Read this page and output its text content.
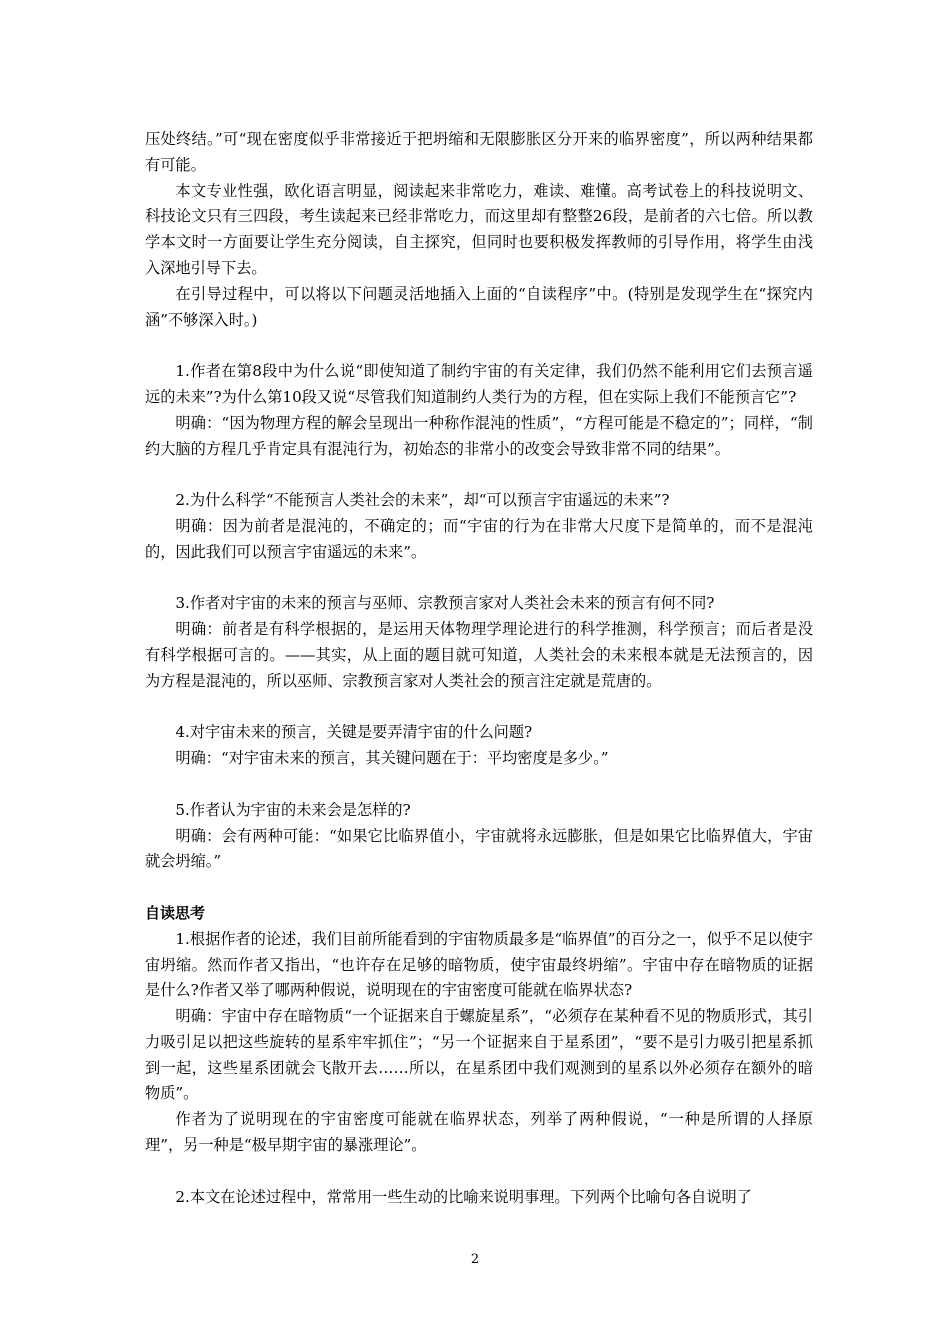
压处终结。”可“现在密度似乎非常接近于把坍缩和无限膨胀区分开来的临界密度”，所以两种结果都有可能。

本文专业性强，欧化语言明显，阅读起来非常吃力，难读、难懂。高考试卷上的科技说明文、科技论文只有三四段，考生读起来已经非常吃力，而这里却有整整26段，是前者的六七倍。所以教学本文时一方面要让学生充分阅读，自主探究，但同时也要积极发挥教师的引导作用，将学生由浅入深地引导下去。

在引导过程中，可以将以下问题灵活地插入上面的“自读程序”中。(特别是发现学生在“探究内涵”不够深入时。)

1.作者在第8段中为什么说“即使知道了制约宇宙的有关定律，我们仍然不能利用它们去预言遥远的未来”?为什么第10段又说“尽管我们知道制约人类行为的方程，但在实际上我们不能预言它”?

明确：“因为物理方程的解会呈现出一种称作混沌的性质”，“方程可能是不稳定的”；同样，“制约大脑的方程几乎肯定具有混沌行为，初始态的非常小的改变会导致非常不同的结果”。

2.为什么科学“不能预言人类社会的未来”，却“可以预言宇宙遥远的未来”?

明确：因为前者是混沌的，不确定的；而“宇宙的行为在非常大尺度下是简单的，而不是混沌的，因此我们可以预言宇宙遥远的未来”。

3.作者对宇宙的未来的预言与巫师、宗教预言家对人类社会未来的预言有何不同?

明确：前者是有科学根据的，是运用天体物理学理论进行的科学推测，科学预言；而后者是没有科学根据可言的。——其实，从上面的题目就可知道，人类社会的未来根本就是无法预言的，因为方程是混沌的，所以巫师、宗教预言家对人类社会的预言注定就是荒唐的。

4.对宇宙未来的预言，关键是要弄清宇宙的什么问题?

明确：“对宇宙未来的预言，其关键问题在于：平均密度是多少。”

5.作者认为宇宙的未来会是怎样的?

明确：会有两种可能：“如果它比临界值小，宇宙就将永远膨胀，但是如果它比临界值大，宇宙就会坍缩。”

自读思考

1.根据作者的论述，我们目前所能看到的宇宙物质最多是“临界值”的百分之一，似乎不足以使宇宙坍缩。然而作者又指出，“也许存在足够的暗物质，使宇宙最终坍缩”。宇宙中存在暗物质的证据是什么?作者又举了哪两种假说，说明现在的宇宙密度可能就在临界状态?

明确：宇宙中存在暗物质“一个证据来自于螺旋星系”，“必须存在某种看不见的物质形式，其引力吸引足以把这些旋转的星系牢牢抓住”；“另一个证据来自于星系团”，“要不是引力吸引把星系抓到一起，这些星系团就会飞散开去……所以，在星系团中我们观测到的星系以外必须存在额外的暗物质”。

作者为了说明现在的宇宙密度可能就在临界状态，列举了两种假说，“一种是所谓的人择原理”，另一种是“极早期宇宙的暴涨理论”。

2.本文在论述过程中，常常用一些生动的比喻来说明事理。下列两个比喻句各自说明了

2
